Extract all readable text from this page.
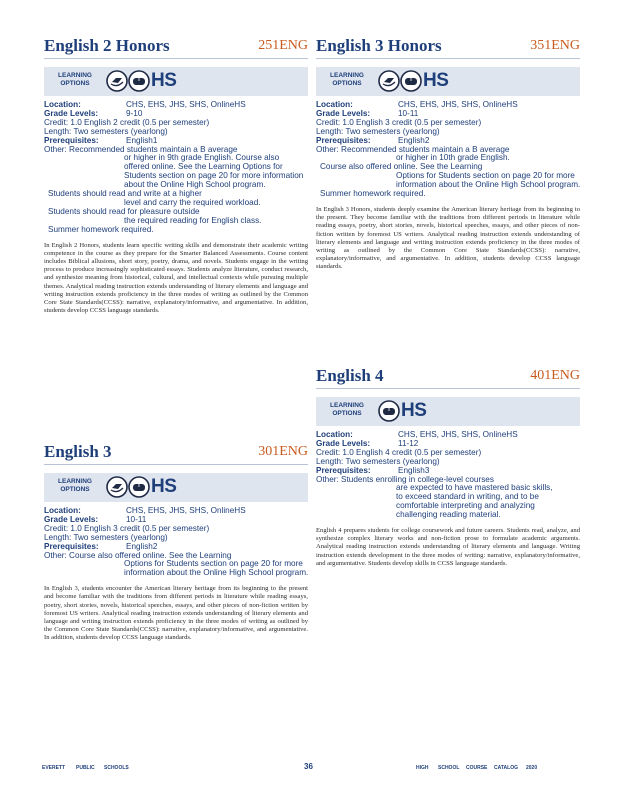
English 2 Honors	251ENG
LEARNING OPTIONS	HS
Location:	CHS, EHS, JHS, SHS, OnlineHS
Grade Levels:	9-10
Credit: 1.0 English 2 credit (0.5 per semester)
Length: Two semesters (yearlong)
Prerequisites:	English1
Other: Recommended students maintain a B average
or higher in 9th grade English. Course also
offered online. See the Learning Options for
Students section on page 20 for more information
about the Online High School program.
Students should read and write at a higher
level and carry the required workload.
Students should read for pleasure outside
the required reading for English class.
Summer homework required.
In English 2 Honors, students learn specific writing skills and demonstrate their academic writing competence in the course as they prepare for the Smarter Balanced Assessments. Course content includes Biblical allusions, short story, poetry, drama, and novels. Students engage in the writing process to produce increasingly sophisticated essays. Students analyze literature, conduct research, and synthesize meaning from historical, cultural, and intellectual contexts while pursuing multiple themes. Analytical reading instruction extends understanding of literary elements and language and writing instruction extends proficiency in the three modes of writing as outlined by the Common Core State Standards(CCSS): narrative, explanatory/informative, and argumentative. In addition, students develop CCSS language standards.
English 3	301ENG
LEARNING OPTIONS	HS
Location:	CHS, EHS, JHS, SHS, OnlineHS
Grade Levels:	10-11
Credit: 1.0 English 3 credit (0.5 per semester)
Length: Two semesters (yearlong)
Prerequisites:	English2
Other: Course also offered online. See the Learning
Options for Students section on page 20 for more
information about the Online High School program.
In English 3, students encounter the American literary heritage from its beginning to the present and become familiar with the traditions from different periods in literature while reading essays, poetry, short stories, novels, historical speeches, essays, and other pieces of non-fiction written by foremost US writers. Analytical reading instruction extends understanding of literary elements and language and writing instruction extends proficiency in the three modes of writing as outlined by the Common Core State Standards(CCSS): narrative, explanatory/informative, and argumentative. In addition, students develop CCSS language standards.
English 3 Honors	351ENG
LEARNING OPTIONS	HS
Location:	CHS, EHS, JHS, SHS, OnlineHS
Grade Levels:	10-11
Credit: 1.0 English 3 credit (0.5 per semester)
Length: Two semesters (yearlong)
Prerequisites:	English2
Other: Recommended students maintain a B average
or higher in 10th grade English.
Course also offered online. See the Learning
Options for Students section on page 20 for more
information about the Online High School program.
Summer homework required.
In English 3 Honors, students deeply examine the American literary heritage from its beginning to the present. They become familiar with the traditions from different periods in literature while reading essays, poetry, short stories, novels, historical speeches, essays, and other pieces of non-fiction written by foremost US writers. Analytical reading instruction extends understanding of literary elements and language and writing instruction extends proficiency in the three modes of writing as outlined by the Common Core State Standards(CCSS): narrative, explanatory/informative, and argumentative. In addition, students develop CCSS language standards.
English 4	401ENG
LEARNING OPTIONS HS
Location:	CHS, EHS, JHS, SHS, OnlineHS
Grade Levels:	11-12
Credit: 1.0 English 4 credit (0.5 per semester)
Length: Two semesters (yearlong)
Prerequisites:	English3
Other: Students enrolling in college-level courses
are expected to have mastered basic skills,
to exceed standard in writing, and to be
comfortable interpreting and analyzing
challenging reading material.
English 4 prepares students for college coursework and future careers. Students read, analyze, and synthesize complex literary works and non-fiction prose to formulate academic arguments. Analytical reading instruction extends understanding of literary elements and language. Writing instruction extends development in the three modes of writing: narrative, explanatory/informative, and argumentative. Students develop skills in CCSS language standards.
EVERETT PUBLIC SCHOOLS	36	HIGH SCHOOL COURSE CATALOG 2020
